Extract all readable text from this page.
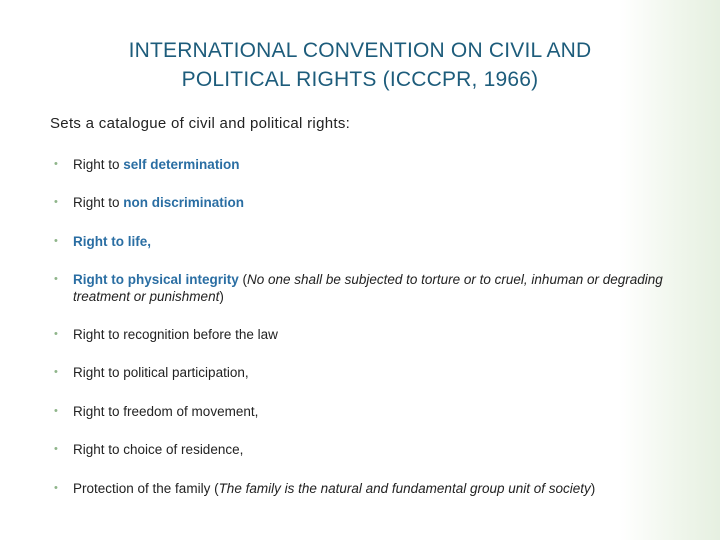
INTERNATIONAL CONVENTION ON CIVIL AND
POLITICAL RIGHTS (ICCCPR, 1966)
Sets a catalogue of civil and political rights:
• Right to self determination
• Right to non discrimination
• Right to life,
• Right to physical integrity (No one shall be subjected to torture or to cruel, inhuman or degrading treatment or punishment)
• Right to recognition before the law
• Right to political participation,
• Right to freedom of movement,
• Right to choice of residence,
• Protection of the family (The family is the natural and fundamental group unit of society)
